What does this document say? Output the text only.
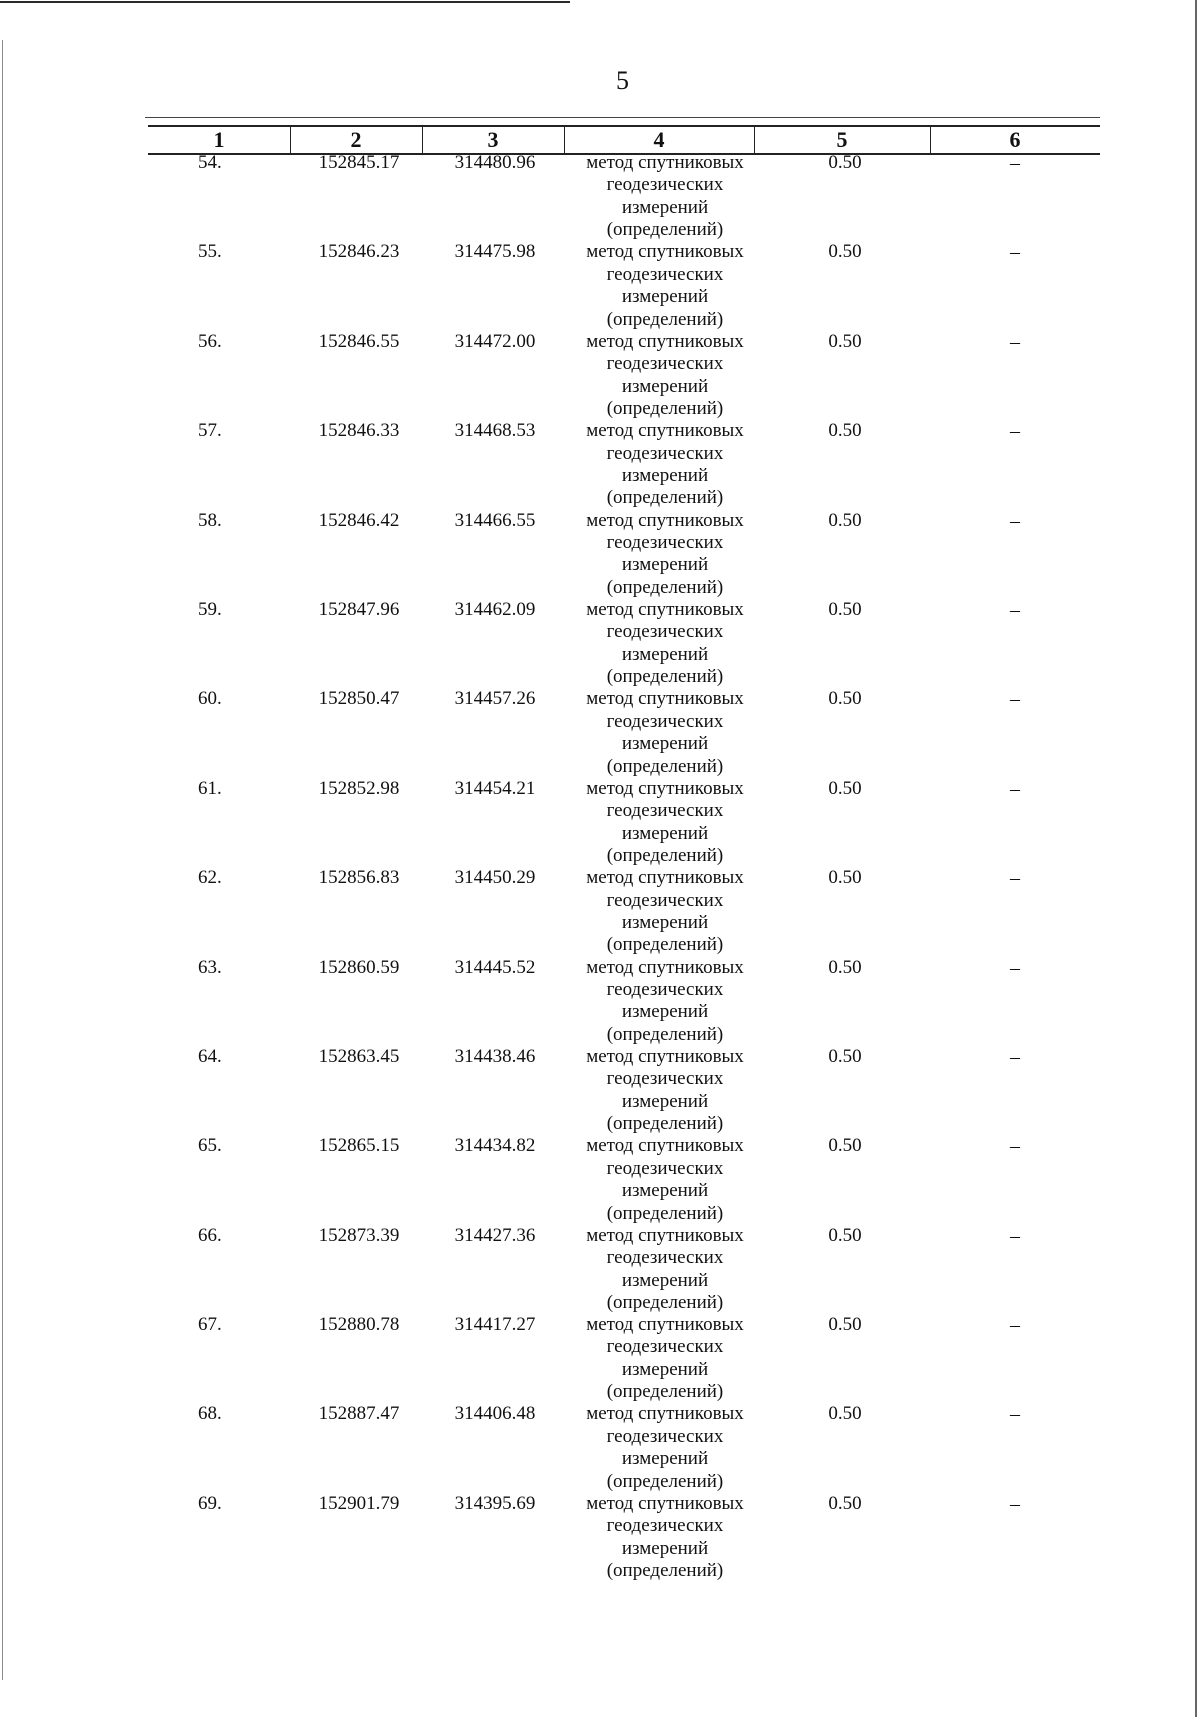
5
1	2	3	4	5	6
54.	152845.17	314480.96	метод спутниковых
геодезических
измерений
(определений)
0.50	–
55.	152846.23	314475.98	метод спутниковых
геодезических
измерений
(определений)
0.50	–
56.	152846.55	314472.00	метод спутниковых
геодезических
измерений
(определений)
0.50	–
57.	152846.33	314468.53	метод спутниковых
геодезических
измерений
(определений)
0.50	–
58.	152846.42	314466.55	метод спутниковых
геодезических
измерений
(определений)
0.50	–
59.	152847.96	314462.09	метод спутниковых
геодезических
измерений
(определений)
0.50	–
60.	152850.47	314457.26	метод спутниковых
геодезических
измерений
(определений)
0.50	–
61.	152852.98	314454.21	метод спутниковых
геодезических
измерений
(определений)
0.50	–
62.	152856.83	314450.29	метод спутниковых
геодезических
измерений
(определений)
0.50	–
63.	152860.59	314445.52	метод спутниковых
геодезических
измерений
(определений)
0.50	–
64.	152863.45	314438.46	метод спутниковых
геодезических
измерений
(определений)
0.50	–
65.	152865.15	314434.82	метод спутниковых
геодезических
измерений
(определений)
0.50	–
66.	152873.39	314427.36	метод спутниковых
геодезических
измерений
(определений)
0.50	–
67.	152880.78	314417.27	метод спутниковых
геодезических
измерений
(определений)
0.50	–
68.	152887.47	314406.48	метод спутниковых
геодезических
измерений
(определений)
0.50	–
69.	152901.79	314395.69	метод спутниковых
геодезических
измерений
(определений)
0.50	–
